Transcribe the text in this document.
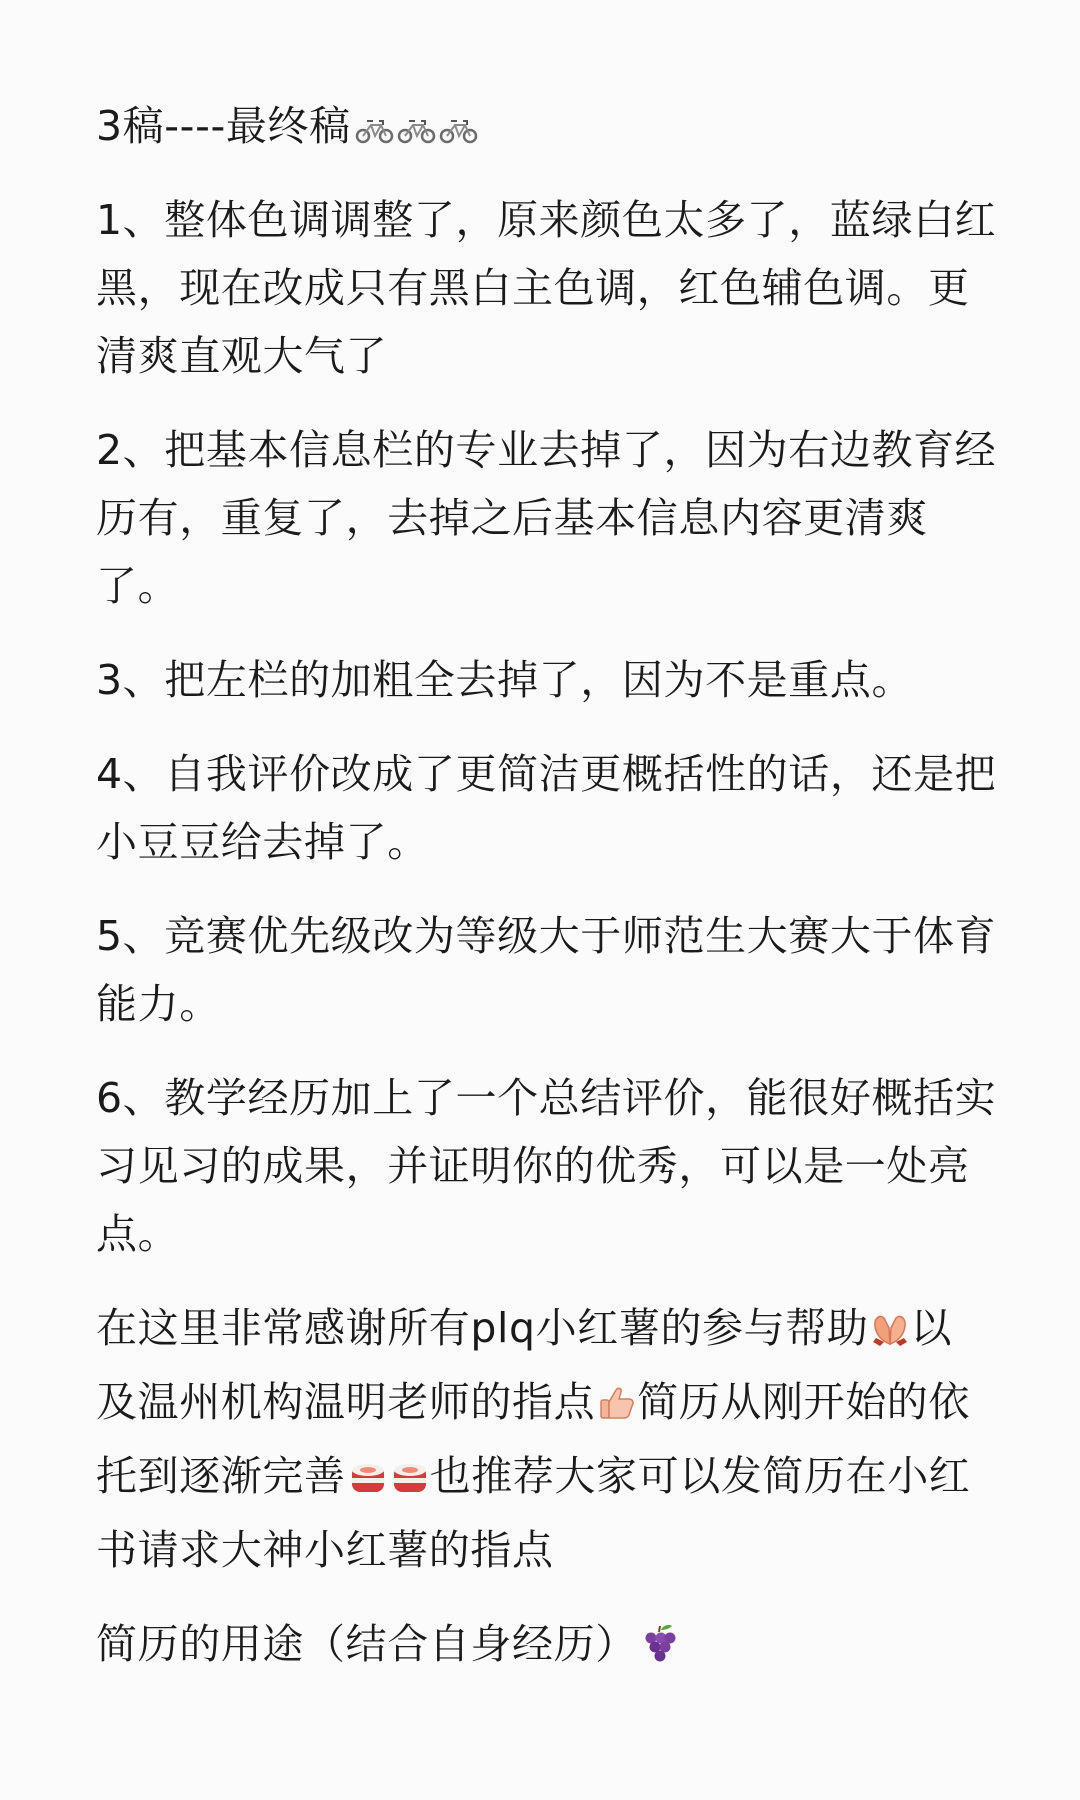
3稿----最终稿

1、整体色调调整了，原来颜色太多了，蓝绿白红

黑，现在改成只有黑白主色调，红色辅色调。更

清爽直观大气了

2、把基本信息栏的专业去掉了，因为右边教育经

历有，重复了，去掉之后基本信息内容更清爽

了。

3、把左栏的加粗全去掉了，因为不是重点。

4、自我评价改成了更简洁更概括性的话，还是把

小豆豆给去掉了。

5、竞赛优先级改为等级大于师范生大赛大于体育

能力。

6、教学经历加上了一个总结评价，能很好概括实

习见习的成果，并证明你的优秀，可以是一处亮

点。

在这里非常感谢所有plq小红薯的参与帮助 以

及温州机构温明老师的指点 简历从刚开始的依

托到逐渐完善 也推荐大家可以发简历在小红

书请求大神小红薯的指点

简历的用途（结合自身经历）
